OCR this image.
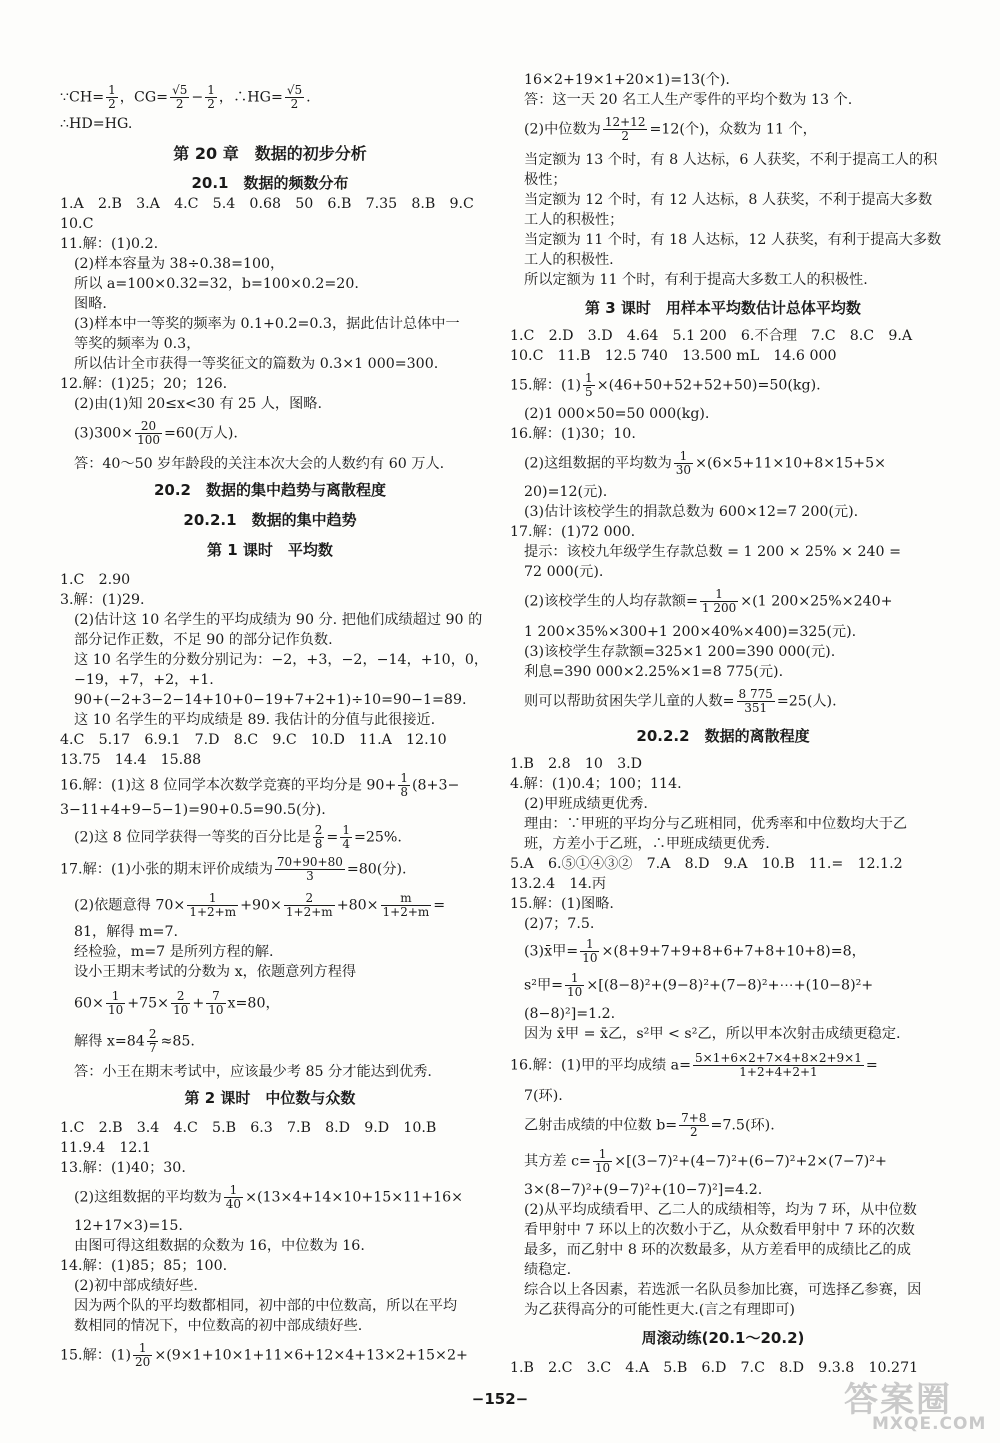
∵CH= $\frac{1}{2}$ ，$CG= \frac{√5}{2} - \frac{1}{2}$ ，∴HG= $\frac{√5}{2}$ .
∴HD=HG.
第 20 章　数据的初步分析
20.1　数据的频数分布
1.A　2.B　3.A　4.C　5.4　0.68　50　6.B　7.35　8.B　9.C
10.C
11.解：(1)0.2.
(2)样本容量为 38÷0.38=100，
所以 a=100×0.32=32，b=100×0.2=20.
图略.
(3)样本中一等奖的频率为 0.1+0.2=0.3，据此估计总体中一
等奖的频率为 0.3，
所以估计全市获得一等奖征文的篇数为 0.3×1 000=300.
12.解：(1)25；20；126.
(2)由(1)知 20≤x<30 有 25 人，图略.
$(3)300\times \frac{20}{100} =60$(万人).
答：40～50 岁年龄段的关注本次大会的人数约有 60 万人.
20.2　数据的集中趋势与离散程度
20.2.1　数据的集中趋势
第 1 课时　平均数
1.C　2.90
3.解：(1)29.
(2)估计这 10 名学生的平均成绩为 90 分. 把他们成绩超过 90 的
部分记作正数，不足 90 的部分记作负数.
这 10 名学生的分数分别记为：−2，+3，−2，−14，+10，0，
−19，+7，+2，+1.
90+(−2+3−2−14+10+0−19+7+2+1)÷10=90−1=89.
这 10 名学生的平均成绩是 89. 我估计的分值与此很接近.
4.C　5.17　6.9.1　7.D　8.C　9.C　10.D　11.A　12.10
13.75　14.4　15.88
16.解：(1)这 8 位同学本次数学竞赛的平均分是 $90+ \frac{1}{8} (8+3-$
3−11+4+9−5−1)=90+0.5=90.5(分).
(2)这 8 位同学获得一等奖的百分比是 $\frac{2}{8} = \frac{1}{4} =25\%$.
17.解：(1)小张的期末评价成绩为 $\frac{70+90+80}{3} =80$(分).
(2)依题意得 $70\times \frac{1}{1+2+m} +90\times \frac{2}{1+2+m} +80\times \frac{m}{1+2+m}$ =
81，解得 m=7.
经检验，m=7 是所列方程的解.
设小王期末考试的分数为 x，依题意列方程得
$60\times \frac{1}{10} +75\times \frac{2}{10} + \frac{7}{10} x=80$，
解得 $x=84 \frac{2}{7} \approx 85$.
答：小王在期末考试中，应该最少考 85 分才能达到优秀.
第 2 课时　中位数与众数
1.C　2.B　3.4　4.C　5.B　6.3　7.B　8.D　9.D　10.B
11.9.4　12.1
13.解：(1)40；30.
(2)这组数据的平均数为 $\frac{1}{40} \times(13\times 4+14\times 10+15\times 11+16\times$
12+17×3)=15.
由图可得这组数据的众数为 16，中位数为 16.
14.解：(1)85；85；100.
(2)初中部成绩好些.
因为两个队的平均数都相同，初中部的中位数高，所以在平均
数相同的情况下，中位数高的初中部成绩好些.
15.解：$(1) \frac{1}{20} \times(9\times 1+10\times 1+11\times 6+12\times 4+13\times 2+15\times 2+$
16×2+19×1+20×1)=13(个).
答：这一天 20 名工人生产零件的平均个数为 13 个.
(2)中位数为 $\frac{12+12}{2} =12$(个)，众数为 11 个，
当定额为 13 个时，有 8 人达标，6 人获奖，不利于提高工人的积
极性；
当定额为 12 个时，有 12 人达标，8 人获奖，不利于提高大多数
工人的积极性；
当定额为 11 个时，有 18 人达标，12 人获奖，有利于提高大多数
工人的积极性.
所以定额为 11 个时，有利于提高大多数工人的积极性.
第 3 课时　用样本平均数估计总体平均数
1.C　2.D　3.D　4.64　5.1 200　6.不合理　7.C　8.C　9.A
10.C　11.B　12.5 740　13.500 mL　14.6 000
15.解：$(1) \frac{1}{5} \times(46+50+52+52+50)=50(kg)$.
(2)1 000×50=50 000(kg).
16.解：(1)30；10.
(2)这组数据的平均数为 $\frac{1}{30} \times(6\times 5+11\times 10+8\times 15+5\times$
20)=12(元).
(3)估计该校学生的捐款总数为 600×12=7 200(元).
17.解：(1)72 000.
提示：该校九年级学生存款总数 = 1 200 × 25% × 240 =
72 000(元).
(2)该校学生的人均存款额= $\frac{1}{1 200} \times(1$ 200×25%×240+
1 200×35%×300+1 200×40%×400)=325(元).
(3)该校学生存款额=325×1 200=390 000(元).
利息=390 000×2.25%×1=8 775(元).
则可以帮助贫困失学儿童的人数= $\frac{8 775}{351} =25$(人).
20.2.2　数据的离散程度
1.B　2.8　10　3.D
4.解：(1)0.4；100；114.
(2)甲班成绩更优秀.
理由：∵甲班的平均分与乙班相同，优秀率和中位数均大于乙
班，方差小于乙班，∴甲班成绩更优秀.
5.A　6.⑤①④③②　7.A　8.D　9.A　10.B　11.=　12.1.2
13.2.4　14.丙
15.解：(1)图略.
(2)7；7.5.
(3)x̄甲= $\frac{1}{10} \times(8+9+7+9+8+6+7+8+10+8)=8$，
s²甲= $\frac{1}{10}$ ×[(8−8)²+(9−8)²+(7−8)²+⋯+(10−8)²+
(8−8)²]=1.2.
因为 x̄甲 = x̄乙，s²甲 < s²乙，所以甲本次射击成绩更稳定.
16.解：(1)甲的平均成绩 $a= \frac{5\times 1+6\times 2+7\times 4+8\times 2+9\times 1}{1+2+4+2+1}$ =
7(环).
乙射击成绩的中位数 $b= \frac{7+8}{2} =7.5$(环).
其方差 $c= \frac{1}{10} \times[(3-7)^2+(4-7)^2+(6-7)^2+2\times(7-7)^2+$
3×(8−7)²+(9−7)²+(10−7)²]=4.2.
(2)从平均成绩看甲、乙二人的成绩相等，均为 7 环，从中位数
看甲射中 7 环以上的次数小于乙，从众数看甲射中 7 环的次数
最多，而乙射中 8 环的次数最多，从方差看甲的成绩比乙的成
绩稳定.
综合以上各因素，若选派一名队员参加比赛，可选择乙参赛，因
为乙获得高分的可能性更大.(言之有理即可)
周滚动练(20.1～20.2)
1.B　2.C　3.C　4.A　5.B　6.D　7.C　8.D　9.3.8　10.271
−152−	答案圈
MXQE.COM
